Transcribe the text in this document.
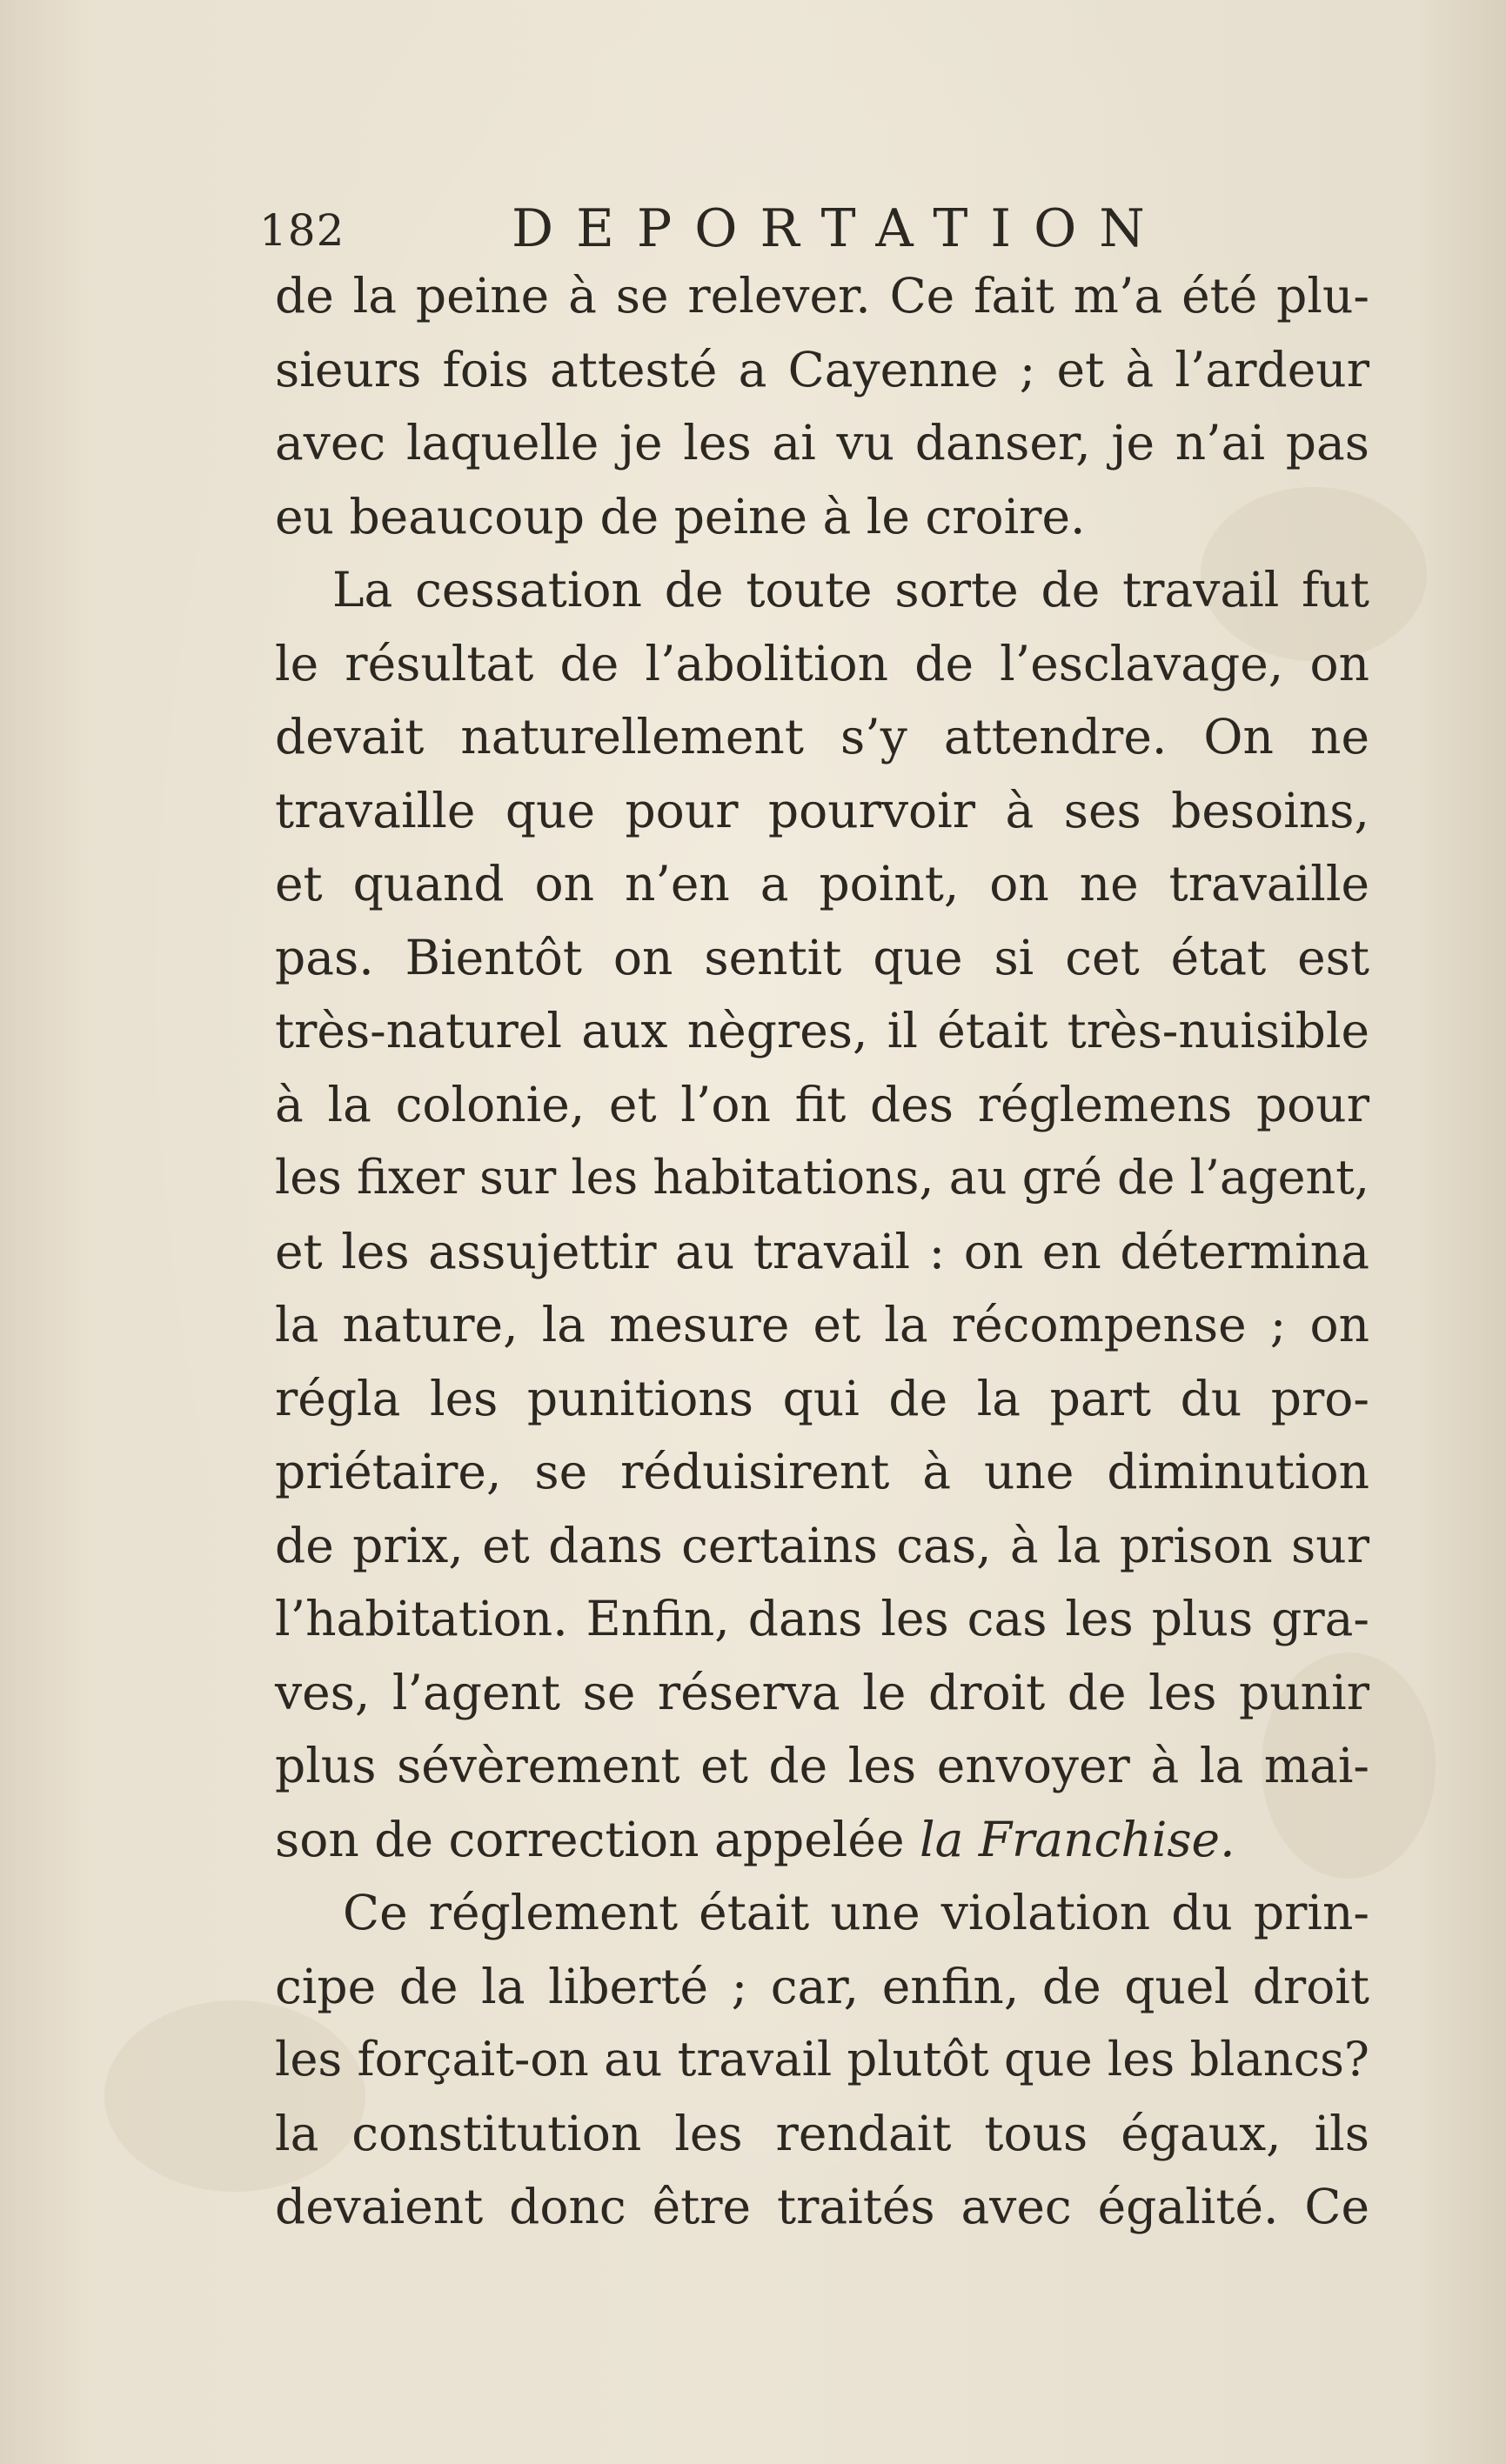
182	DEPORTATION
de la peine à se relever. Ce fait m’a été plu-
sieurs fois attesté a Cayenne ; et à l’ardeur
avec laquelle je les ai vu danser, je n’ai pas
eu beaucoup de peine à le croire.
La cessation de toute sorte de travail fut
le résultat de l’abolition de l’esclavage, on
devait naturellement s’y attendre. On ne
travaille que pour pourvoir à ses besoins,
et quand on n’en a point, on ne travaille
pas. Bientôt on sentit que si cet état est
très-naturel aux nègres, il était très-nuisible
à la colonie, et l’on fit des réglemens pour
les fixer sur les habitations, au gré de l’agent,
et les assujettir au travail : on en détermina
la nature, la mesure et la récompense ; on
régla les punitions qui de la part du pro-
priétaire, se réduisirent à une diminution
de prix, et dans certains cas, à la prison sur
l’habitation. Enfin, dans les cas les plus gra-
ves, l’agent se réserva le droit de les punir
plus sévèrement et de les envoyer à la mai-
son de correction appelée la Franchise.
Ce réglement était une violation du prin-
cipe de la liberté ; car, enfin, de quel droit
les forçait-on au travail plutôt que les blancs?
la constitution les rendait tous égaux, ils
devaient donc être traités avec égalité. Ce
